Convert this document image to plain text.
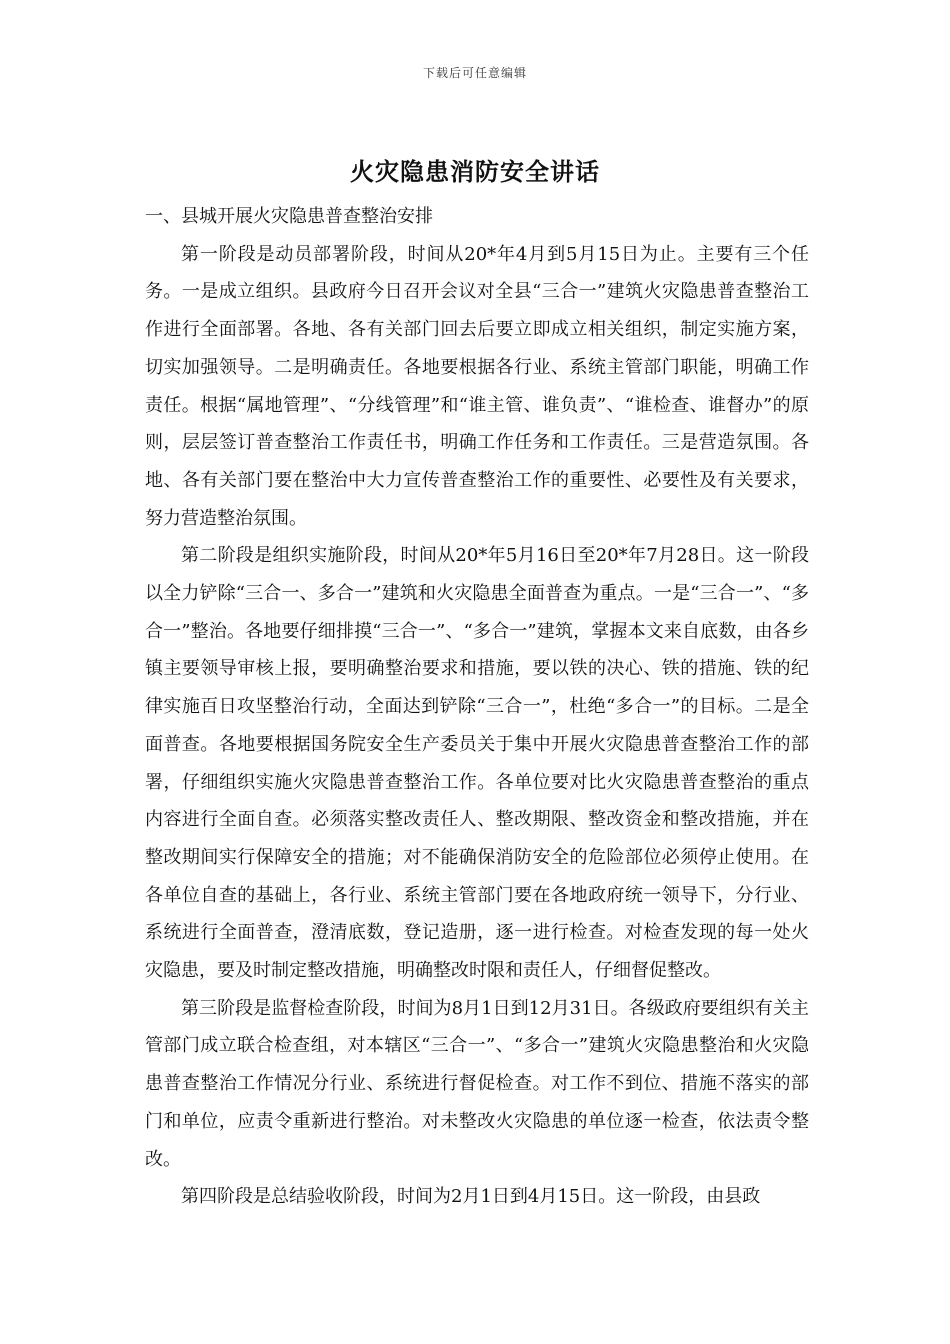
下载后可任意编辑
火灾隐患消防安全讲话

一、县城开展火灾隐患普查整治安排

第一阶段是动员部署阶段，时间从20*年4月到5月15日为止。主要有三个任务。一是成立组织。县政府今日召开会议对全县“三合一”建筑火灾隐患普查整治工作进行全面部署。各地、各有关部门回去后要立即成立相关组织，制定实施方案，切实加强领导。二是明确责任。各地要根据各行业、系统主管部门职能，明确工作责任。根据“属地管理”、“分线管理”和“谁主管、谁负责”、“谁检查、谁督办”的原则，层层签订普查整治工作责任书，明确工作任务和工作责任。三是营造氛围。各地、各有关部门要在整治中大力宣传普查整治工作的重要性、必要性及有关要求，努力营造整治氛围。

第二阶段是组织实施阶段，时间从20*年5月16日至20*年7月28日。这一阶段以全力铲除“三合一、多合一”建筑和火灾隐患全面普查为重点。一是“三合一”、“多合一”整治。各地要仔细排摸“三合一”、“多合一”建筑，掌握本文来自底数，由各乡镇主要领导审核上报，要明确整治要求和措施，要以铁的决心、铁的措施、铁的纪律实施百日攻坚整治行动，全面达到铲除“三合一”，杜绝“多合一”的目标。二是全面普查。各地要根据国务院安全生产委员关于集中开展火灾隐患普查整治工作的部署，仔细组织实施火灾隐患普查整治工作。各单位要对比火灾隐患普查整治的重点内容进行全面自查。必须落实整改责任人、整改期限、整改资金和整改措施，并在整改期间实行保障安全的措施；对不能确保消防安全的危险部位必须停止使用。在各单位自查的基础上，各行业、系统主管部门要在各地政府统一领导下，分行业、系统进行全面普查，澄清底数，登记造册，逐一进行检查。对检查发现的每一处火灾隐患，要及时制定整改措施，明确整改时限和责任人，仔细督促整改。

第三阶段是监督检查阶段，时间为8月1日到12月31日。各级政府要组织有关主管部门成立联合检查组，对本辖区“三合一”、“多合一”建筑火灾隐患整治和火灾隐患普查整治工作情况分行业、系统进行督促检查。对工作不到位、措施不落实的部门和单位，应责令重新进行整治。对未整改火灾隐患的单位逐一检查，依法责令整改。

第四阶段是总结验收阶段，时间为2月1日到4月15日。这一阶段，由县政
